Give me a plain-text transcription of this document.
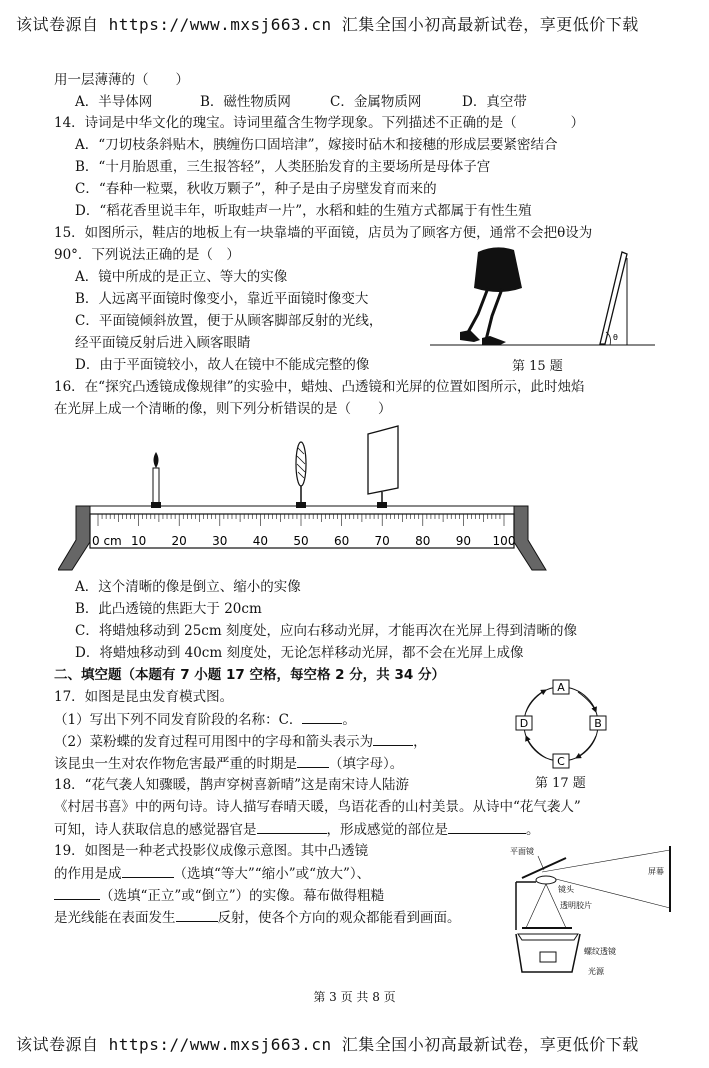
该试卷源自 https://www.mxsj663.cn 汇集全国小初高最新试卷，享更低价下载
用一层薄薄的（　　）
A．半导体网	B．磁性物质网	C．金属物质网	D．真空带
14．诗词是中华文化的瑰宝。诗词里蕴含生物学现象。下列描述不正确的是（　　　　）
A．“刀切枝条斜贴木，胰缠伤口固培津”，嫁接时砧木和接穗的形成层要紧密结合
B．“十月胎恩重，三生报答轻”，人类胚胎发育的主要场所是母体子宫
C．“春种一粒粟，秋收万颗子”，种子是由子房壁发育而来的
D．“稻花香里说丰年，听取蛙声一片”，水稻和蛙的生殖方式都属于有性生殖
15．如图所示，鞋店的地板上有一块靠墙的平面镜，店员为了顾客方便，通常不会把θ设为
90°．下列说法正确的是（　）
A．镜中所成的是正立、等大的实像
B．人远离平面镜时像变小，靠近平面镜时像变大
C．平面镜倾斜放置，便于从顾客脚部反射的光线，
经平面镜反射后进入顾客眼睛
D．由于平面镜较小，故人在镜中不能成完整的像
θ
第 15 题
16．在“探究凸透镜成像规律”的实验中，蜡烛、凸透镜和光屏的位置如图所示，此时烛焰
在光屏上成一个清晰的像，则下列分析错误的是（　　）
0 cm 10 20 30 40 50 60 70 80 90 100
A．这个清晰的像是倒立、缩小的实像
B．此凸透镜的焦距大于 20cm
C．将蜡烛移动到 25cm 刻度处，应向右移动光屏，才能再次在光屏上得到清晰的像
D．将蜡烛移动到 40cm 刻度处，无论怎样移动光屏，都不会在光屏上成像
二、填空题（本题有 7 小题 17 空格，每空格 2 分，共 34 分）
17．如图是昆虫发育模式图。
（1）写出下列不同发育阶段的名称：C．	。
（2）菜粉蝶的发育过程可用图中的字母和箭头表示为	，
该昆虫一生对农作物危害最严重的时期是 （填字母）。
A
B
C
D
第 17 题
18．“花气袭人知骤暖，鹊声穿树喜新晴”这是南宋诗人陆游
《村居书喜》中的两句诗。诗人描写春晴天暖，鸟语花香的山村美景。从诗中“花气袭人”
可知，诗人获取信息的感觉器官是	，形成感觉的部位是	。
19．如图是一种老式投影仪成像示意图。其中凸透镜
的作用是成	（选填“等大”“缩小”或“放大”）、
（选填“正立”或“倒立”）的实像。幕布做得粗糙
是光线能在表面发生	反射，使各个方向的观众都能看到画面。
屏幕
平面镜
镜头
透明胶片
螺纹透镜
光源
第 3 页 共 8 页
该试卷源自 https://www.mxsj663.cn 汇集全国小初高最新试卷，享更低价下载
